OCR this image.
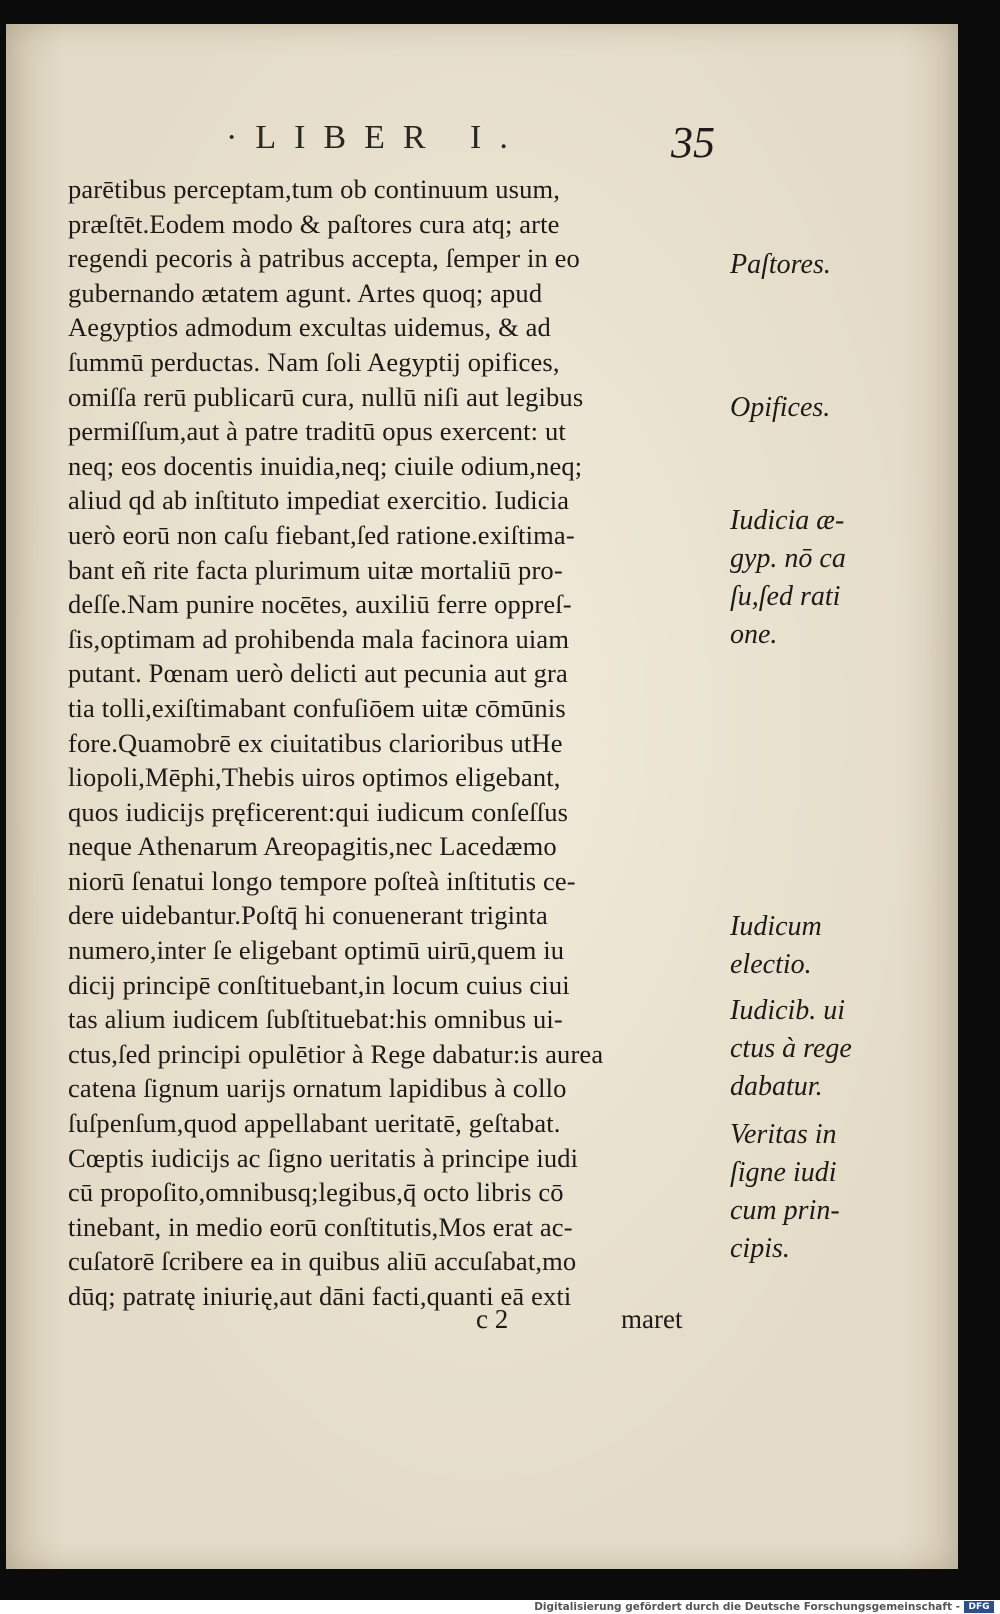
·LIBER I.	35
parētibus perceptam,tum ob continuum usum,
præſtēt.Eodem modo & paſtores cura atq; arte
regendi pecoris à patribus accepta, ſemper in eo
gubernando ætatem agunt. Artes quoq; apud
Aegyptios admodum excultas uidemus, & ad
ſummū perductas. Nam ſoli Aegyptij opifices,
omiſſa rerū publicarū cura, nullū niſi aut legibus
permiſſum,aut à patre traditū opus exercent: ut
neq; eos docentis inuidia,neq; ciuile odium,neq;
aliud qd ab inſtituto impediat exercitio. Iudicia
uerò eorū non caſu fiebant,ſed ratione.exiſtima-
bant eñ rite facta plurimum uitæ mortaliū pro-
deſſe.Nam punire nocētes, auxiliū ferre oppreſ-
ſis,optimam ad prohibenda mala facinora uiam
putant. Pœnam uerò delicti aut pecunia aut gra
tia tolli,exiſtimabant confuſiōem uitæ cōmūnis
fore.Quamobrē ex ciuitatibus clarioribus utHe
liopoli,Mēphi,Thebis uiros optimos eligebant,
quos iudicijs pręficerent:qui iudicum conſeſſus
neque Athenarum Areopagitis,nec Lacedæmo
niorū ſenatui longo tempore poſteà inſtitutis ce-
dere uidebantur.Poſtq̄ hi conuenerant triginta
numero,inter ſe eligebant optimū uirū,quem iu
dicij principē conſtituebant,in locum cuius ciui
tas alium iudicem ſubſtituebat:his omnibus ui-
ctus,ſed principi opulētior à Rege dabatur:is aurea
catena ſignum uarijs ornatum lapidibus à collo
ſuſpenſum,quod appellabant ueritatē, geſtabat.
Cœptis iudicijs ac ſigno ueritatis à principe iudi
cū propoſito,omnibusq;legibus,q̄ octo libris cō
tinebant, in medio eorū conſtitutis,Mos erat ac-
cuſatorē ſcribere ea in quibus aliū accuſabat,mo
dūq; patratę iniurię,aut dāni facti,quanti eā exti
Paſtores.
Opifices.
Iudicia æ-
gyp. nō ca
ſu,ſed rati
one.
Iudicum
electio.
Iudicib. ui
ctus à rege
dabatur.
Veritas in
ſigne iudi
cum prin-
cipis.
c 2	maret
Digitalisierung gefördert durch die Deutsche Forschungsgemeinschaft - DFG
